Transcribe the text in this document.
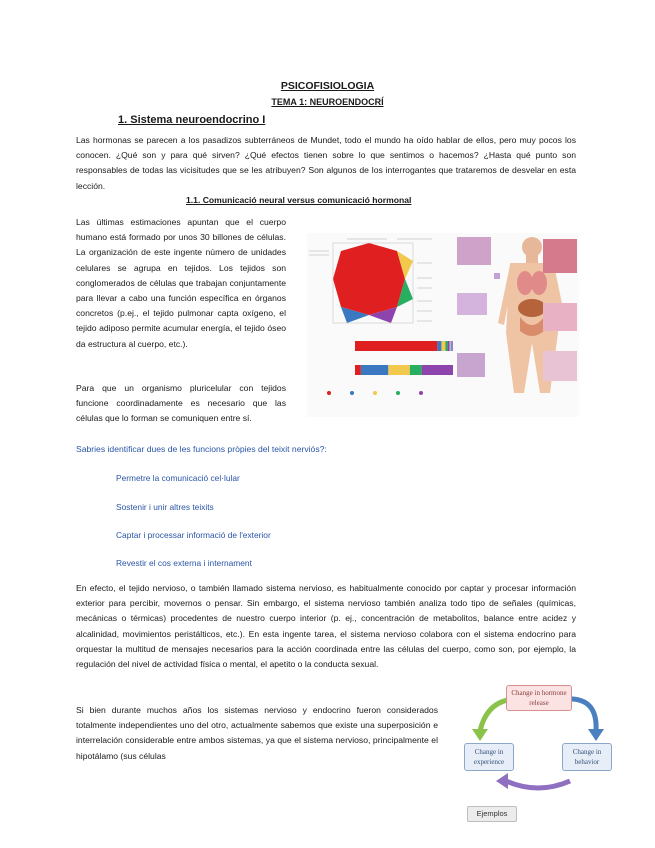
PSICOFISIOLOGIA
TEMA 1: NEUROENDOCRÍ
1. Sistema neuroendocrino I
Las hormonas se parecen a los pasadizos subterráneos de Mundet, todo el mundo ha oído hablar de ellos, pero muy pocos los conocen. ¿Qué son y para qué sirven? ¿Qué efectos tienen sobre lo que sentimos o hacemos? ¿Hasta qué punto son responsables de todas las vicisitudes que se les atribuyen? Son algunos de los interrogantes que trataremos de desvelar en esta lección.
1.1. Comunicació neural versus comunicació hormonal
Las últimas estimaciones apuntan que el cuerpo humano está formado por unos 30 billones de células. La organización de este ingente número de unidades celulares se agrupa en tejidos. Los tejidos son conglomerados de células que trabajan conjuntamente para llevar a cabo una función específica en órganos concretos (p.ej., el tejido pulmonar capta oxígeno, el tejido adiposo permite acumular energía, el tejido óseo da estructura al cuerpo, etc.).
Para que un organismo pluricelular con tejidos funcione coordinadamente es necesario que las células que lo forman se comuniquen entre sí.
Sabries identificar dues de les funcions pròpies del teixit nerviós?:
Permetre la comunicació cel·lular
Sostenir i unir altres teixits
Captar i processar informació de l'exterior
Revestir el cos externa i internament
En efecto, el tejido nervioso, o también llamado sistema nervioso, es habitualmente conocido por captar y procesar información exterior para percibir, movernos o pensar. Sin embargo, el sistema nervioso también analiza todo tipo de señales (químicas, mecánicas o térmicas) procedentes de nuestro cuerpo interior (p. ej., concentración de metabolitos, balance entre acidez y alcalinidad, movimientos peristálticos, etc.). En esta ingente tarea, el sistema nervioso colabora con el sistema endocrino para orquestar la multitud de mensajes necesarios para la acción coordinada entre las células del cuerpo, como son, por ejemplo, la regulación del nivel de actividad física o mental, el apetito o la conducta sexual.
Si bien durante muchos años los sistemas nervioso y endocrino fueron considerados totalmente independientes uno del otro, actualmente sabemos que existe una superposición e interrelación considerable entre ambos sistemas, ya que el sistema nervioso, principalmente el hipotálamo (sus células
Change in hormone release
Change in experience
Change in behavior
Ejemplos
